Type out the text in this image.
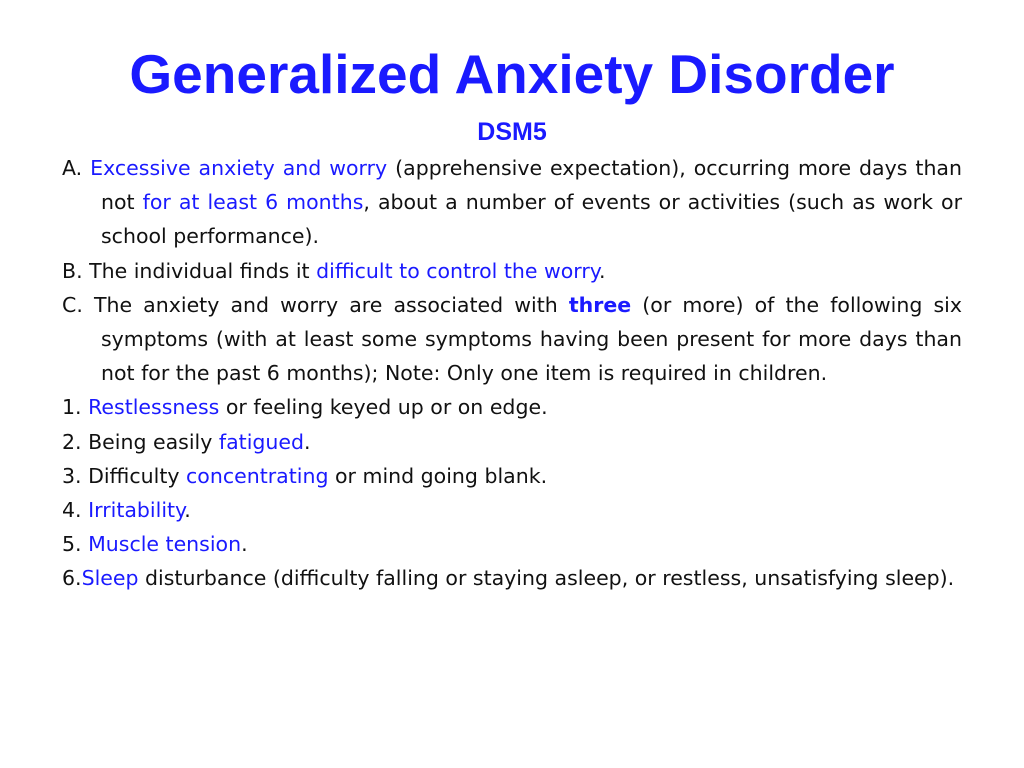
Generalized Anxiety Disorder
DSM5

A. Excessive anxiety and worry (apprehensive expectation), occurring more days than not for at least 6 months, about a number of events or activities (such as work or school performance).

B. The individual finds it difficult to control the worry.

C. The anxiety and worry are associated with three (or more) of the following six symptoms (with at least some symptoms having been present for more days than not for the past 6 months); Note: Only one item is required in children.

1. Restlessness or feeling keyed up or on edge.

2. Being easily fatigued.

3. Difficulty concentrating or mind going blank.

4. Irritability.

5. Muscle tension.

6.Sleep disturbance (difficulty falling or staying asleep, or restless, unsatisfying sleep).
